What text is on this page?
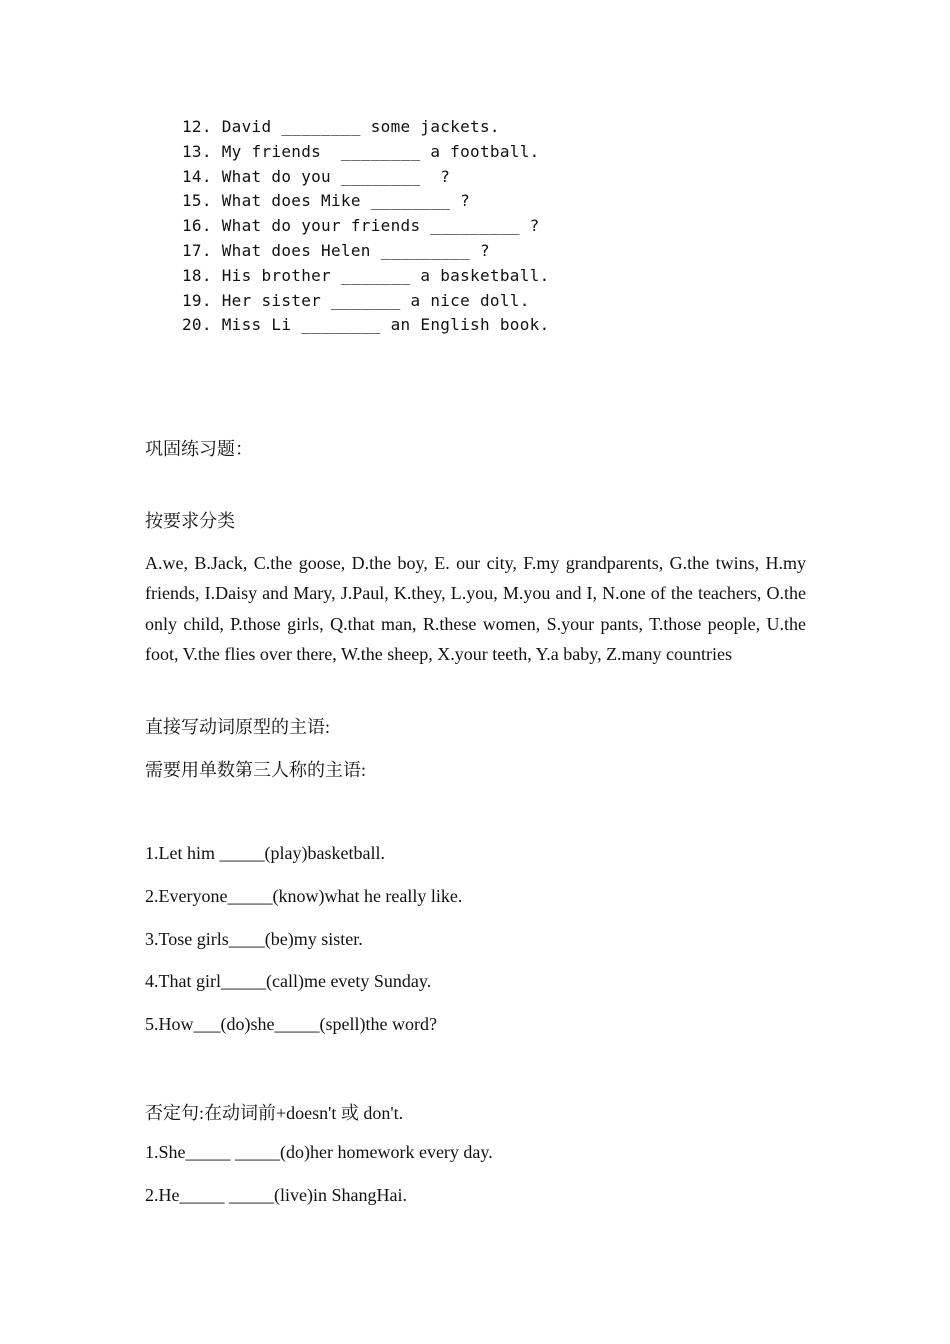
12. David ________ some jackets.
13. My friends  ________ a football.
14. What do you ________  ?
15. What does Mike ________ ?
16. What do your friends _________ ?
17. What does Helen _________ ?
18. His brother _______ a basketball.
19. Her sister _______ a nice doll.
20. Miss Li ________ an English book.
巩固练习题：
按要求分类

A.we, B.Jack, C.the goose, D.the boy, E. our city, F.my grandparents, G.the twins, H.my friends, I.Daisy and Mary, J.Paul, K.they, L.you, M.you and I, N.one of the teachers, O.the only child, P.those girls, Q.that man, R.these women, S.your pants, T.those people, U.the foot, V.the flies over there, W.the sheep, X.your teeth, Y.a baby, Z.many countries

直接写动词原型的主语:
需要用单数第三人称的主语:
1.Let him _____(play)basketball.
2.Everyone_____(know)what he really like.
3.Tose girls____(be)my sister.
4.That girl_____(call)me evety Sunday.
5.How___(do)she_____(spell)the word?
否定句:在动词前+doesn't 或 don't.
1.She_____ _____(do)her homework every day.
2.He_____ _____(live)in ShangHai.
